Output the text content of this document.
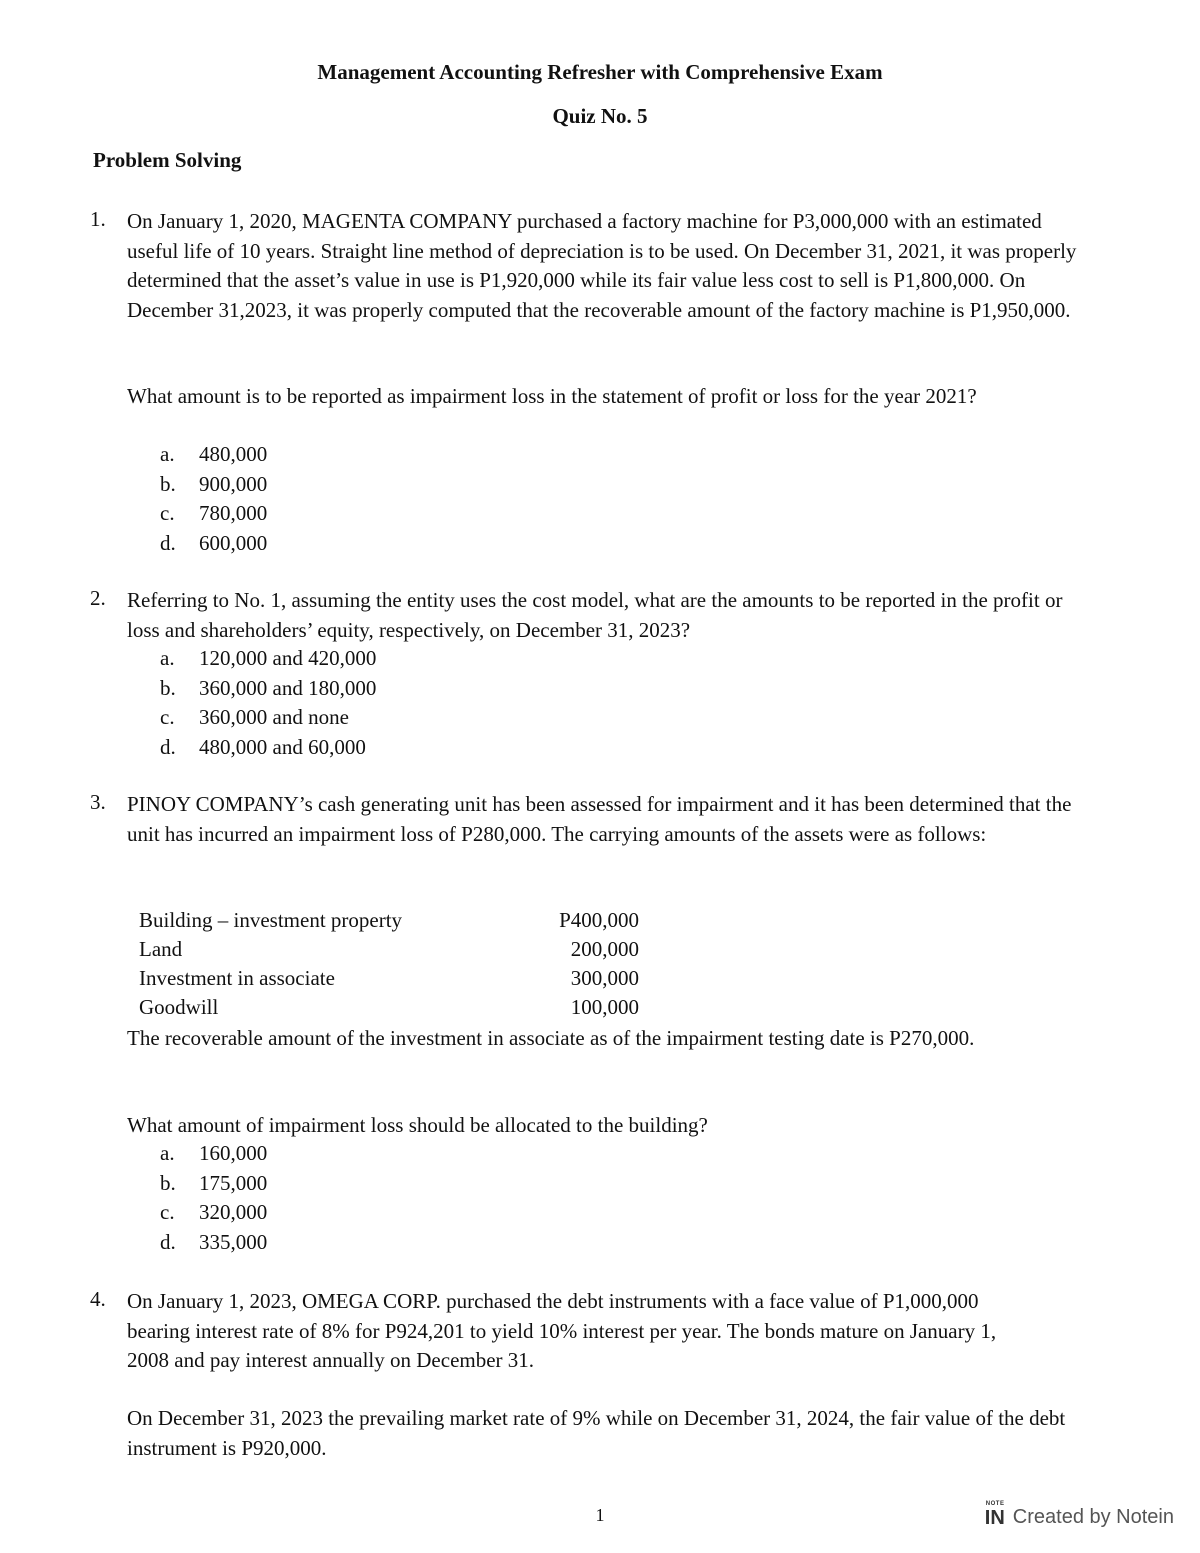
Management Accounting Refresher with Comprehensive Exam
Quiz No. 5
Problem Solving
1. On January 1, 2020, MAGENTA COMPANY purchased a factory machine for P3,000,000 with an estimated useful life of 10 years. Straight line method of depreciation is to be used. On December 31, 2021, it was properly determined that the asset’s value in use is P1,920,000 while its fair value less cost to sell is P1,800,000. On December 31,2023, it was properly computed that the recoverable amount of the factory machine is P1,950,000.

What amount is to be reported as impairment loss in the statement of profit or loss for the year 2021?

a.	480,000
b.	900,000
c.	780,000
d.	600,000
2. Referring to No. 1, assuming the entity uses the cost model, what are the amounts to be reported in the profit or loss and shareholders’ equity, respectively, on December 31, 2023?

a.	120,000 and 420,000
b.	360,000 and 180,000
c.	360,000 and none
d.	480,000 and 60,000
3. PINOY COMPANY’s cash generating unit has been assessed for impairment and it has been determined that the unit has incurred an impairment loss of P280,000. The carrying amounts of the assets were as follows:

Building – investment property	P400,000
Land	200,000
Investment in associate	300,000
Goodwill	100,000

The recoverable amount of the investment in associate as of the impairment testing date is P270,000.

What amount of impairment loss should be allocated to the building?

a.	160,000
b.	175,000
c.	320,000
d.	335,000
4. On January 1, 2023, OMEGA CORP. purchased the debt instruments with a face value of P1,000,000 bearing interest rate of 8% for P924,201 to yield 10% interest per year. The bonds mature on January 1, 2008 and pay interest annually on December 31.

On December 31, 2023 the prevailing market rate of 9% while on December 31, 2024, the fair value of the debt instrument is P920,000.

1
NOTE
IN Created by Notein
